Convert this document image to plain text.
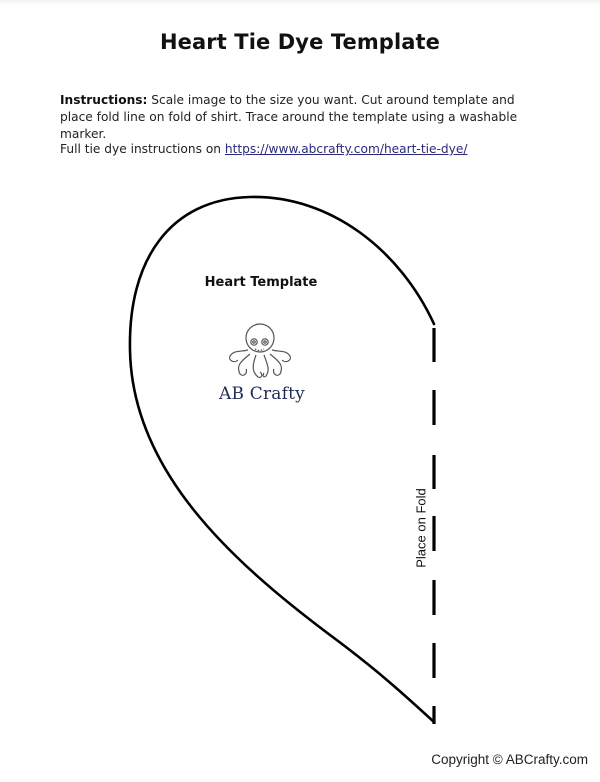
Heart Tie Dye Template
Instructions: Scale image to the size you want. Cut around template and place fold line on fold of shirt. Trace around the template using a washable marker.
Full tie dye instructions on https://www.abcrafty.com/heart-tie-dye/
Heart Template
AB Crafty
Place on Fold
Copyright © ABCrafty.com
